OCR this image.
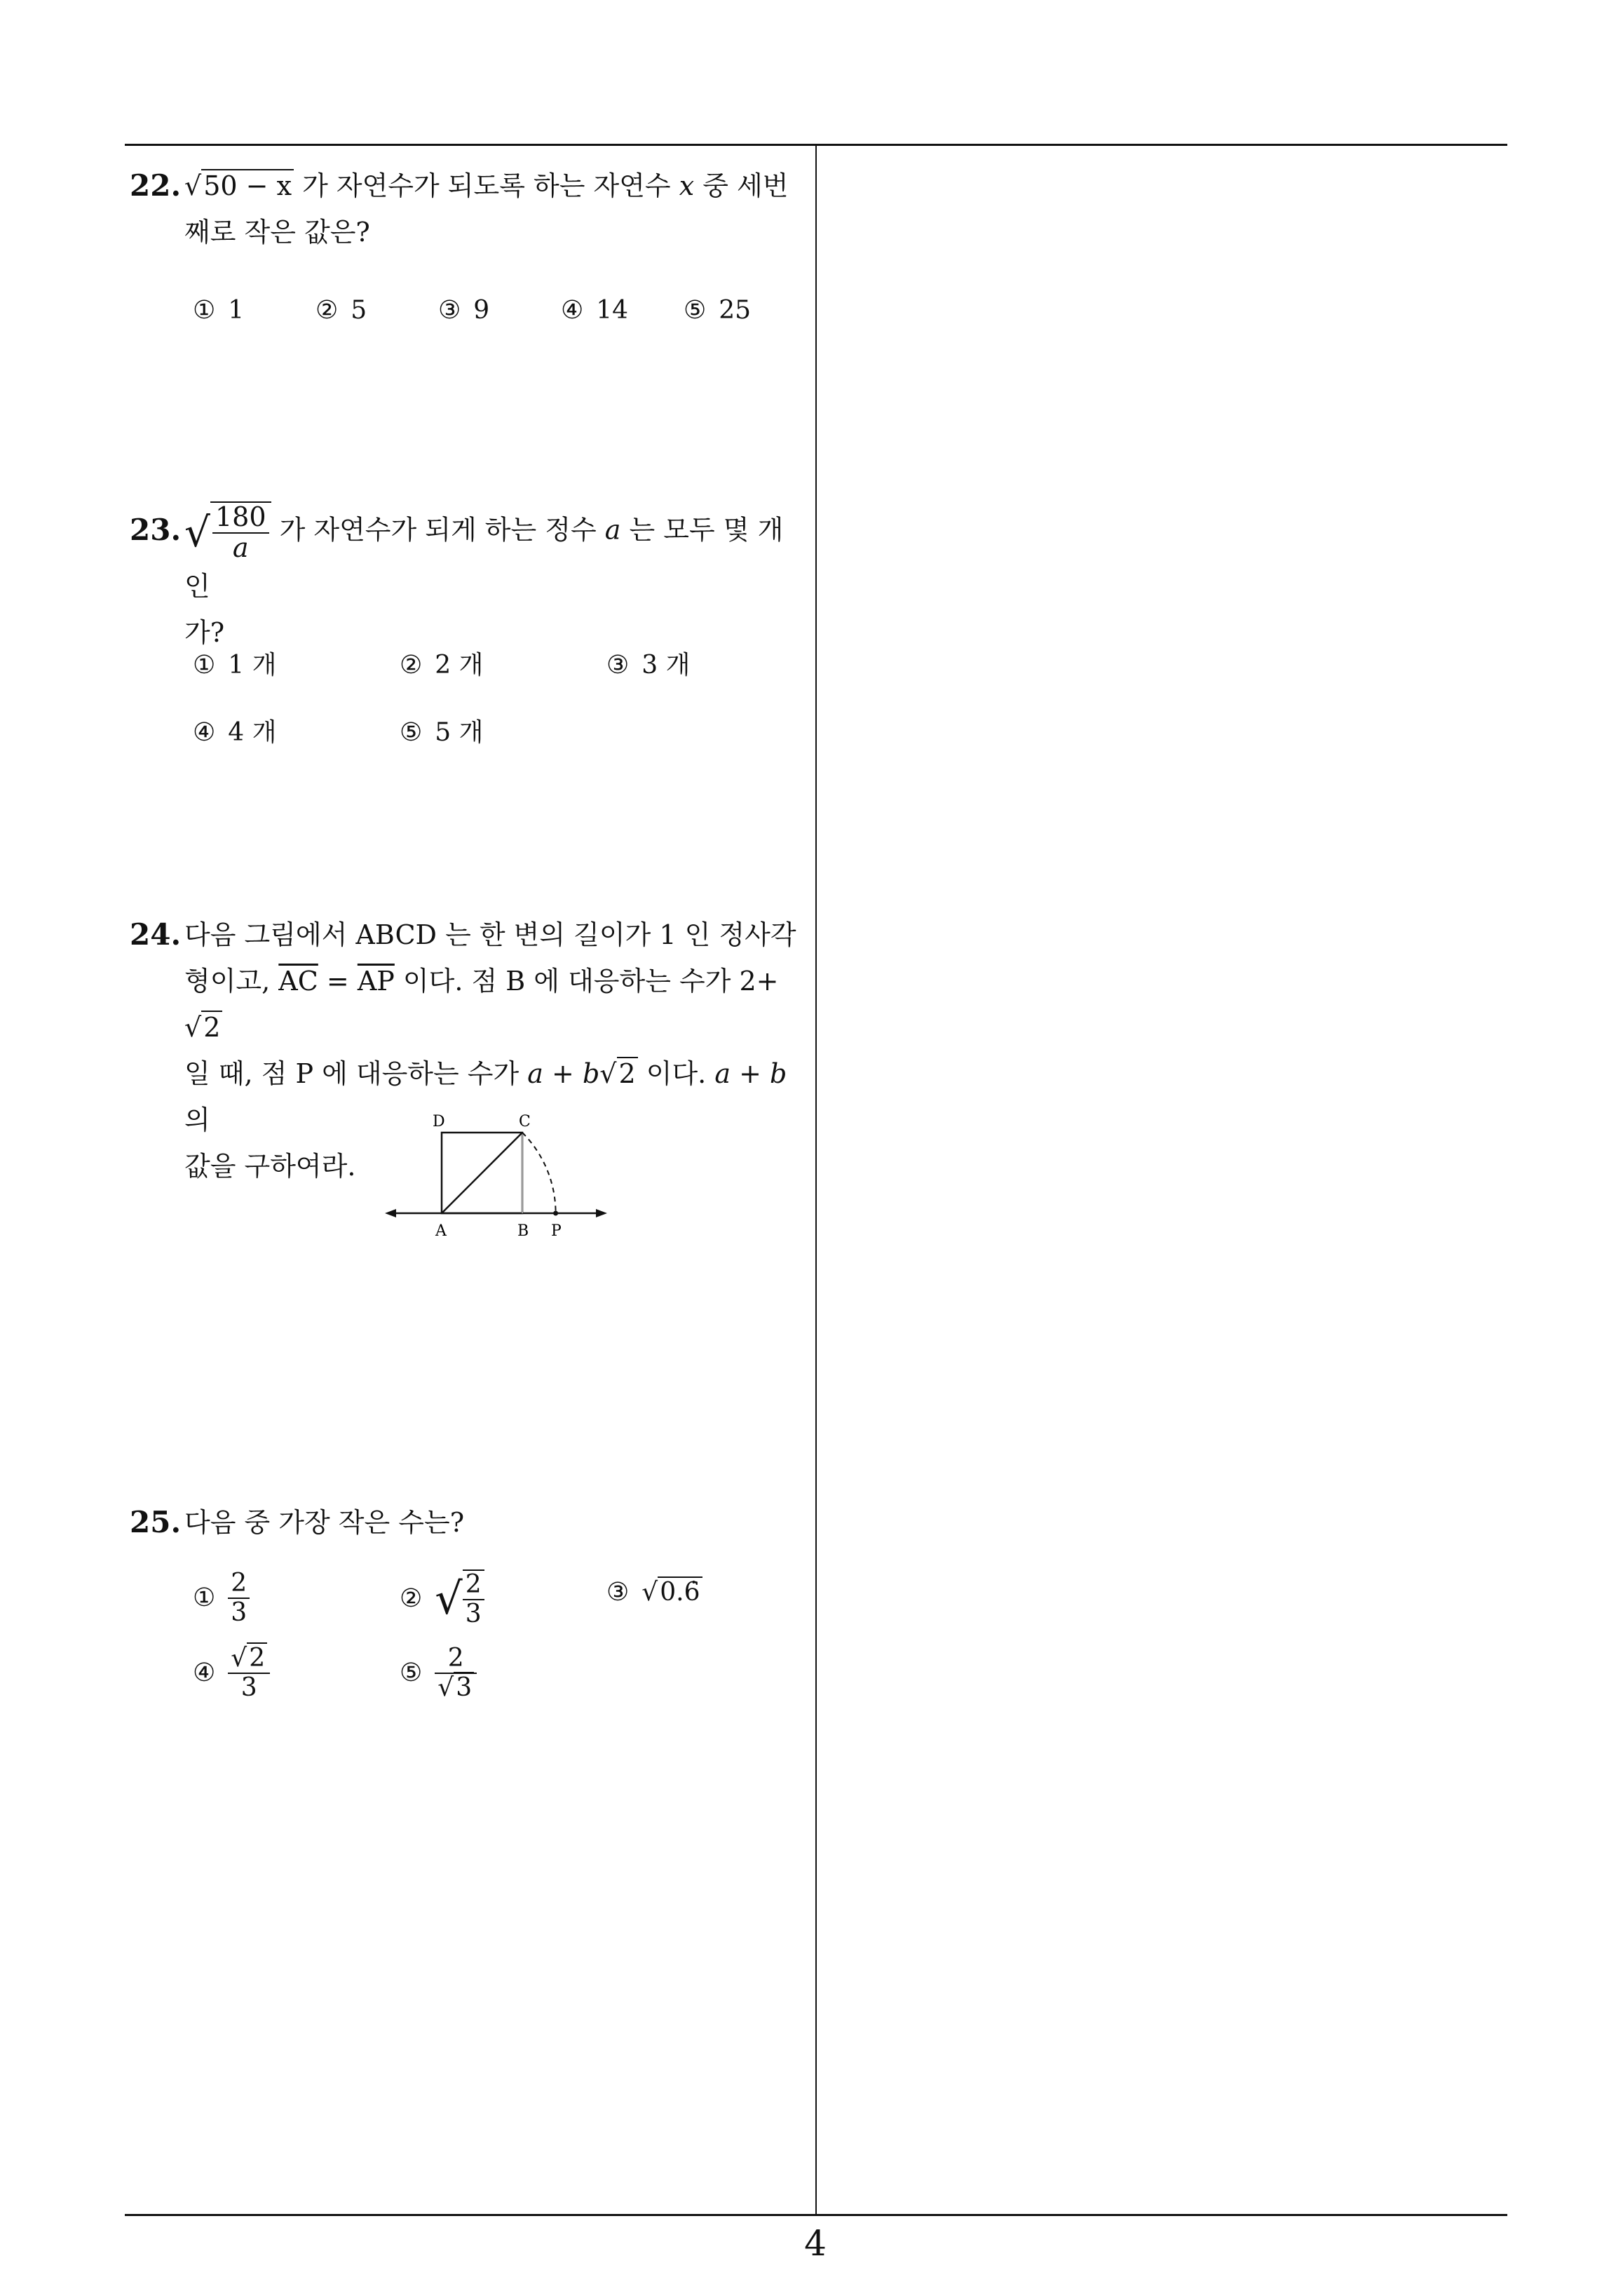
4
22. √50 − x 가 자연수가 되도록 하는 자연수 x 중 세번
째로 작은 값은?
① 1	② 5	③ 9	④ 14 ⑤ 25
23. √ $\frac{180}{a}$ 가 자연수가 되게 하는 정수 a 는 모두 몇 개인
가?
① 1 개	② 2 개	③ 3 개
④ 4 개	⑤ 5 개
24. 다음 그림에서 ABCD 는 한 변의 길이가 1 인 정사각
형이고, $\overline{AC} = \overline{AP}$ 이다. 점 B 에 대응하는 수가 2+√2
일 때, 점 P 에 대응하는 수가 a + b√2 이다. a + b 의
값을 구하여라.
D	C
A	B P
25. 다음 중 가장 작은 수는?
① $\frac{2}{3}$	② √ $\frac{2}{3}$	③ √0.6̇
④ $\frac{√2}{3}$	⑤ $\frac{2}{√3}$
